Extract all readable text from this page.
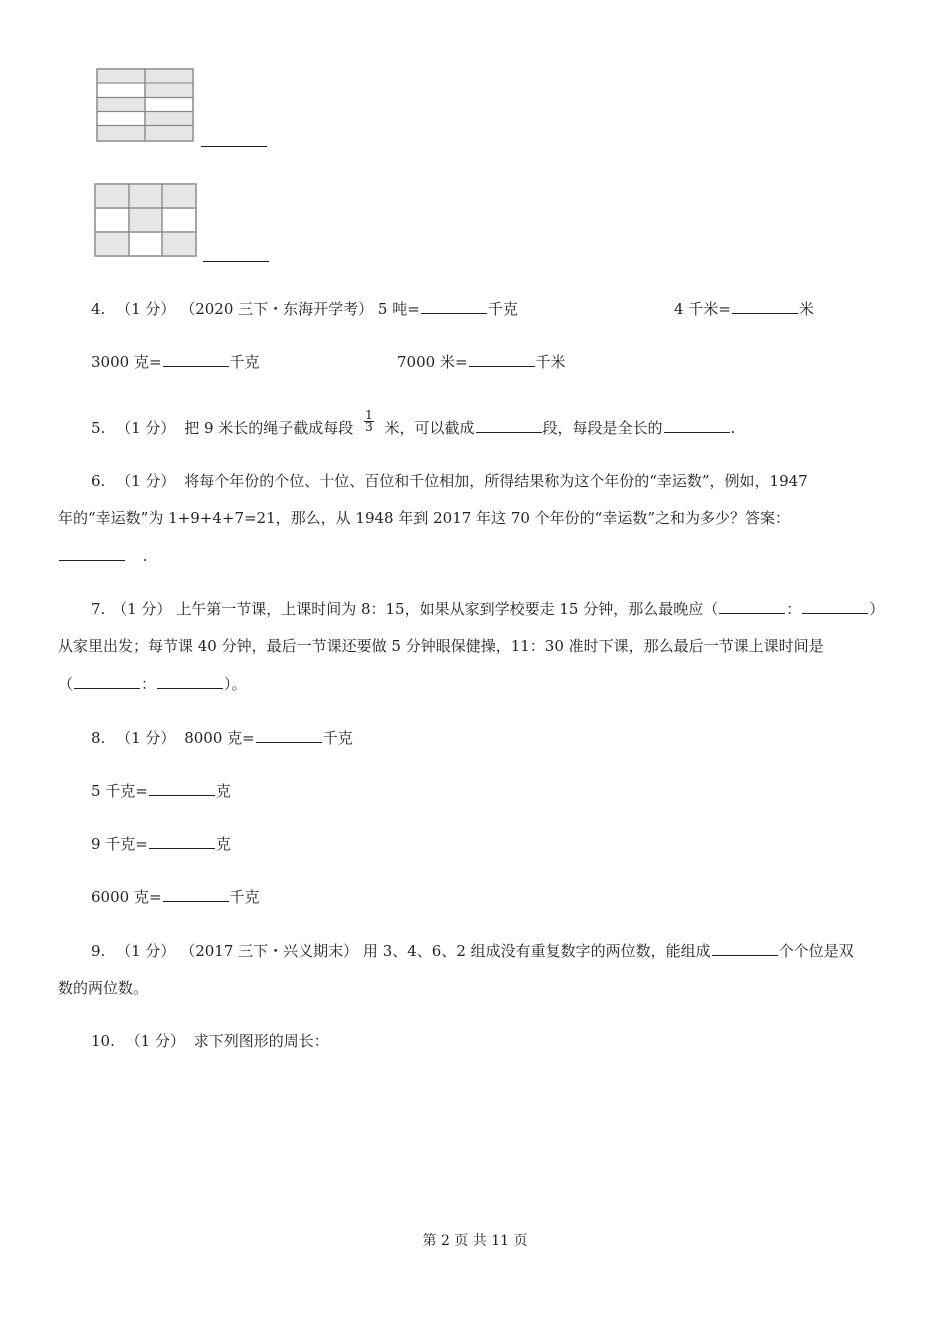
4. （1 分） （2020 三下・东海开学考） 5 吨=	千克	4 千米=	米
3000 克=	千克	7000 米=	千米
5. （1 分） 把 9 米长的绳子截成每段 $\frac{1}{3}$ 米，可以截成	段，每段是全长的	.
6. （1 分） 将每个年份的个位、十位、百位和千位相加，所得结果称为这个年份的“幸运数”，例如，1947
年的“幸运数”为 1+9+4+7=21，那么，从 1948 年到 2017 年这 70 个年份的“幸运数”之和为多少？答案：
.
7. （1 分） 上午第一节课，上课时间为 8：15，如果从家到学校要走 15 分钟，那么最晚应（	：	）
从家里出发；每节课 40 分钟，最后一节课还要做 5 分钟眼保健操，11：30 准时下课，那么最后一节课上课时间是
（	：	）。
8. （1 分） 8000 克=	千克
5 千克=	克
9 千克=	克
6000 克=	千克
9. （1 分） （2017 三下・兴义期末） 用 3、4、6、2 组成没有重复数字的两位数，能组成	个个位是双
数的两位数。
10. （1 分） 求下列图形的周长：
第 2 页 共 11 页
